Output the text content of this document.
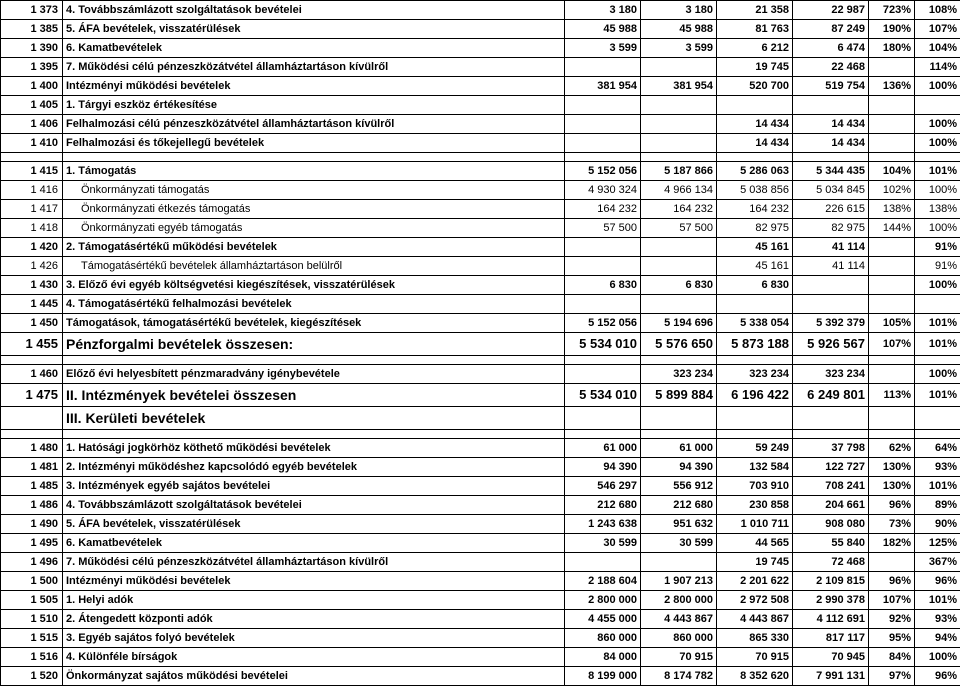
1 373	4. Továbbszámlázott szolgáltatások bevételei	3 180	3 180	21 358	22 987	723%	108%
1 385	5. ÁFA bevételek, visszatérülések	45 988	45 988	81 763	87 249	190%	107%
1 390	6. Kamatbevételek	3 599	3 599	6 212	6 474	180%	104%
1 395	7. Működési célú pénzeszközátvétel államháztartáson kívülről			19 745	22 468		114%
1 400	Intézményi működési bevételek	381 954	381 954	520 700	519 754	136%	100%
1 405	1. Tárgyi eszköz értékesítése						
1 406	Felhalmozási célú pénzeszközátvétel államháztartáson kívülről			14 434	14 434		100%
1 410	Felhalmozási és tőkejellegű bevételek			14 434	14 434		100%

1 415	1. Támogatás	5 152 056	5 187 866	5 286 063	5 344 435	104%	101%
1 416	Önkormányzati támogatás	4 930 324	4 966 134	5 038 856	5 034 845	102%	100%
1 417	Önkormányzati étkezés támogatás	164 232	164 232	164 232	226 615	138%	138%
1 418	Önkormányzati egyéb támogatás	57 500	57 500	82 975	82 975	144%	100%
1 420	2. Támogatásértékű működési bevételek			45 161	41 114		91%
1 426	Támogatásértékű bevételek államháztartáson belülről			45 161	41 114		91%
1 430	3. Előző évi egyéb költségvetési kiegészítések, visszatérülések	6 830	6 830	6 830			100%
1 445	4. Támogatásértékű felhalmozási bevételek						
1 450	Támogatások, támogatásértékű bevételek, kiegészítések	5 152 056	5 194 696	5 338 054	5 392 379	105%	101%
1 455	Pénzforgalmi bevételek összesen:	5 534 010	5 576 650	5 873 188	5 926 567	107%	101%

1 460	Előző évi helyesbített pénzmaradvány igénybevétele		323 234	323 234	323 234		100%
1 475	II. Intézmények bevételei összesen	5 534 010	5 899 884	6 196 422	6 249 801	113%	101%
	III. Kerületi bevételek						

1 480	1. Hatósági jogkörhöz köthető működési bevételek	61 000	61 000	59 249	37 798	62%	64%
1 481	2. Intézményi működéshez kapcsolódó egyéb bevételek	94 390	94 390	132 584	122 727	130%	93%
1 485	3. Intézmények egyéb sajátos bevételei	546 297	556 912	703 910	708 241	130%	101%
1 486	4. Továbbszámlázott szolgáltatások bevételei	212 680	212 680	230 858	204 661	96%	89%
1 490	5. ÁFA bevételek, visszatérülések	1 243 638	951 632	1 010 711	908 080	73%	90%
1 495	6. Kamatbevételek	30 599	30 599	44 565	55 840	182%	125%
1 496	7. Működési célú pénzeszközátvétel államháztartáson kívülről			19 745	72 468		367%
1 500	Intézményi működési bevételek	2 188 604	1 907 213	2 201 622	2 109 815	96%	96%
1 505	1. Helyi adók	2 800 000	2 800 000	2 972 508	2 990 378	107%	101%
1 510	2. Átengedett központi adók	4 455 000	4 443 867	4 443 867	4 112 691	92%	93%
1 515	3. Egyéb sajátos folyó bevételek	860 000	860 000	865 330	817 117	95%	94%
1 516	4. Különféle bírságok	84 000	70 915	70 915	70 945	84%	100%
1 520	Önkormányzat sajátos működési bevételei	8 199 000	8 174 782	8 352 620	7 991 131	97%	96%
